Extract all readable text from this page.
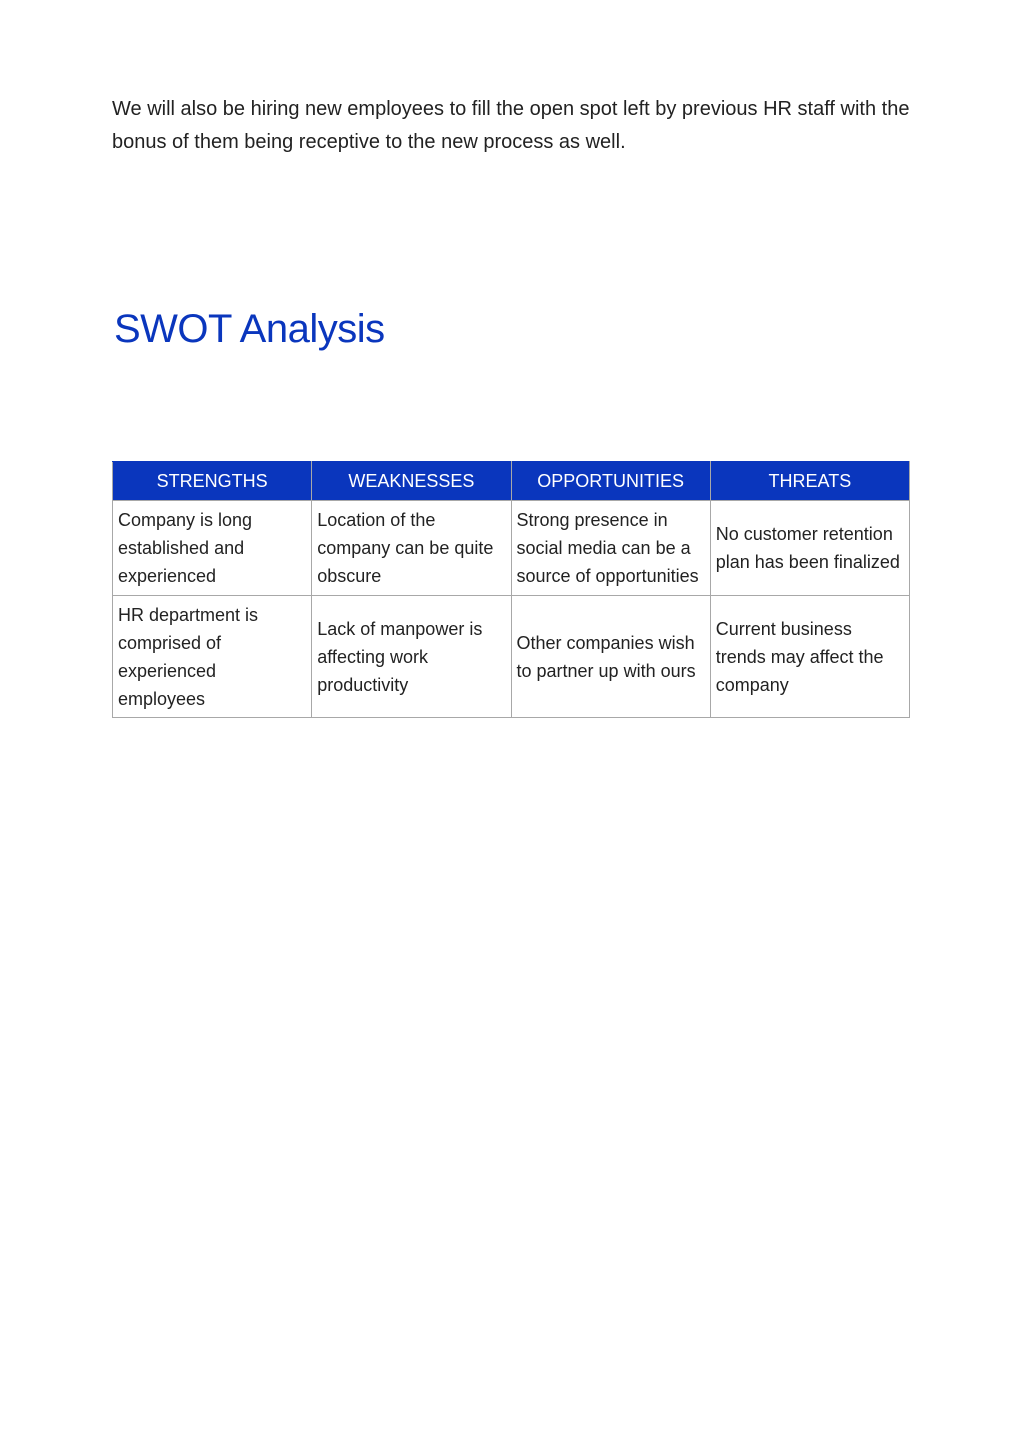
We will also be hiring new employees to fill the open spot left by previous HR staff with the bonus of them being receptive to the new process as well.

SWOT Analysis
STRENGTHS	WEAKNESSES	OPPORTUNITIES	THREATS
Company is long established and experienced	Location of the company can be quite obscure	Strong presence in social media can be a source of opportunities	No customer retention plan has been finalized
HR department is comprised of experienced employees	Lack of manpower is affecting work productivity	Other companies wish to partner up with ours	Current business trends may affect the company
